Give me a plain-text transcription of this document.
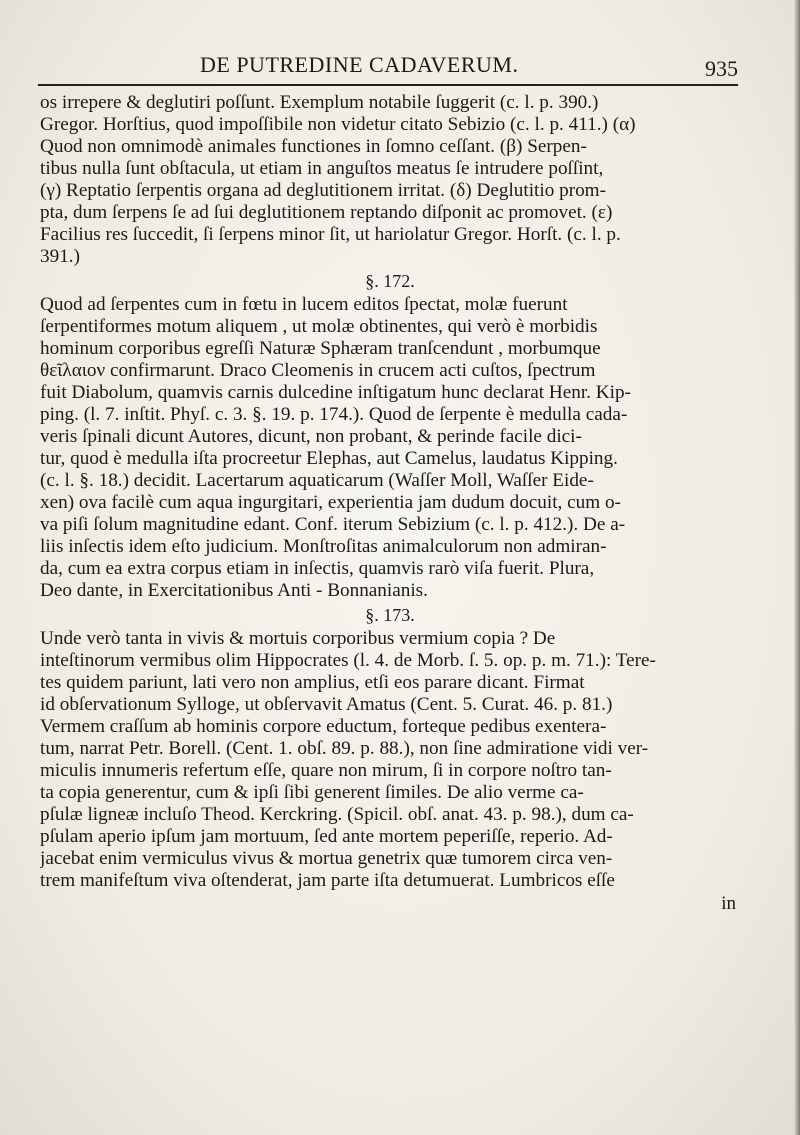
DE PUTREDINE CADAVERUM.	935
os irrepere & deglutiri poſſunt. Exemplum notabile ſuggerit (c. l. p. 390.)
Gregor. Horſtius, quod impoſſibile non videtur citato Sebizio (c. l. p. 411.) (α)
Quod non omnimodè animales functiones in ſomno ceſſant. (β) Serpen-
tibus nulla ſunt obſtacula, ut etiam in anguſtos meatus ſe intrudere poſſint,
(γ) Reptatio ſerpentis organa ad deglutitionem irritat. (δ) Deglutitio prom-
pta, dum ſerpens ſe ad ſui deglutitionem reptando diſponit ac promovet. (ε)
Facilius res ſuccedit, ſi ſerpens minor ſit, ut hariolatur Gregor. Horſt. (c. l. p.
391.)
§. 172.
Quod ad ſerpentes cum in fœtu in lucem editos ſpectat, molæ fuerunt
ſerpentiformes motum aliquem , ut molæ obtinentes, qui verò è morbidis
hominum corporibus egreſſi Naturæ Sphæram tranſcendunt , morbumque
θεῖλαιον confirmarunt. Draco Cleomenis in crucem acti cuſtos, ſpectrum
fuit Diabolum, quamvis carnis dulcedine inſtigatum hunc declarat Henr. Kip-
ping. (l. 7. inſtit. Phyſ. c. 3. §. 19. p. 174.). Quod de ſerpente è medulla cada-
veris ſpinali dicunt Autores, dicunt, non probant, & perinde facile dici-
tur, quod è medulla iſta procreetur Elephas, aut Camelus, laudatus Kipping.
(c. l. §. 18.) decidit. Lacertarum aquaticarum (Waſſer Moll, Waſſer Eide-
xen) ova facilè cum aqua ingurgitari, experientia jam dudum docuit, cum o-
va piſi ſolum magnitudine edant. Conf. iterum Sebizium (c. l. p. 412.). De a-
liis inſectis idem eſto judicium. Monſtroſitas animalculorum non admiran-
da, cum ea extra corpus etiam in inſectis, quamvis rarò viſa fuerit. Plura,
Deo dante, in Exercitationibus Anti - Bonnanianis.
§. 173.
Unde verò tanta in vivis & mortuis corporibus vermium copia ? De
inteſtinorum vermibus olim Hippocrates (l. 4. de Morb. ſ. 5. op. p. m. 71.): Tere-
tes quidem pariunt, lati vero non amplius, etſi eos parare dicant. Firmat
id obſervationum Sylloge, ut obſervavit Amatus (Cent. 5. Curat. 46. p. 81.)
Vermem craſſum ab hominis corpore eductum, forteque pedibus exentera-
tum, narrat Petr. Borell. (Cent. 1. obſ. 89. p. 88.), non ſine admiratione vidi ver-
miculis innumeris refertum eſſe, quare non mirum, ſi in corpore noſtro tan-
ta copia generentur, cum & ipſi ſibi generent ſimiles. De alio verme ca-
pſulæ ligneæ incluſo Theod. Kerckring. (Spicil. obſ. anat. 43. p. 98.), dum ca-
pſulam aperio ipſum jam mortuum, ſed ante mortem peperiſſe, reperio. Ad-
jacebat enim vermiculus vivus & mortua genetrix quæ tumorem circa ven-
trem manifeſtum viva oſtenderat, jam parte iſta detumuerat. Lumbricos eſſe
in
